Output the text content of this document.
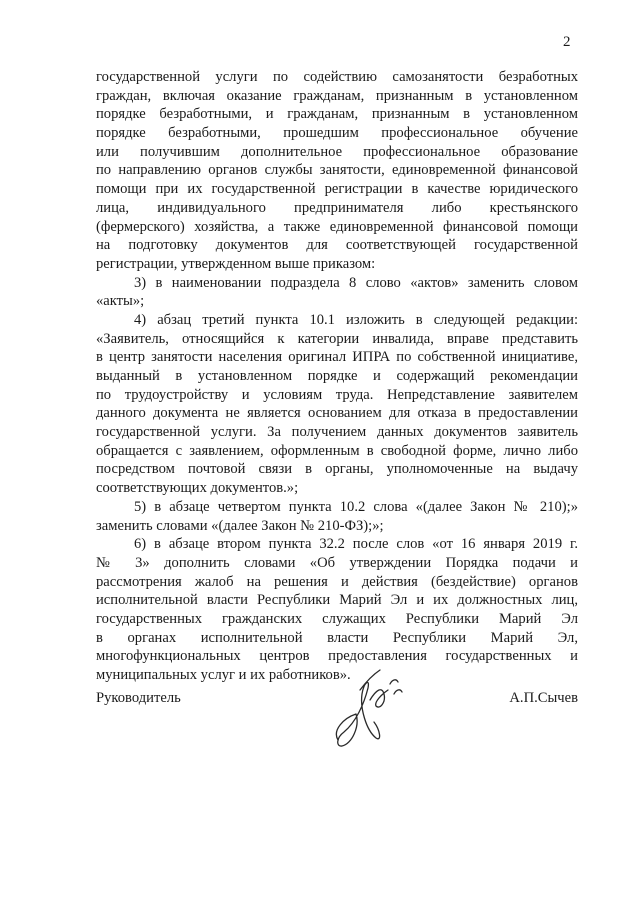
2
государственной услуги по содействию самозанятости безработных
граждан, включая оказание гражданам, признанным в установленном
порядке безработными, и гражданам, признанным в установленном
порядке безработными, прошедшим профессиональное обучение
или получившим дополнительное профессиональное образование
по направлению органов службы занятости, единовременной финансовой
помощи при их государственной регистрации в качестве юридического
лица, индивидуального предпринимателя либо крестьянского
(фермерского) хозяйства, а также единовременной финансовой помощи
на подготовку документов для соответствующей государственной
регистрации, утвержденном выше приказом:
3) в наименовании подраздела 8 слово «актов» заменить словом
«акты»;
4) абзац третий пункта 10.1 изложить в следующей редакции:
«Заявитель, относящийся к категории инвалида, вправе представить
в центр занятости населения оригинал ИПРА по собственной инициативе,
выданный в установленном порядке и содержащий рекомендации
по трудоустройству и условиям труда. Непредставление заявителем
данного документа не является основанием для отказа в предоставлении
государственной услуги. За получением данных документов заявитель
обращается с заявлением, оформленным в свободной форме, лично либо
посредством почтовой связи в органы, уполномоченные на выдачу
соответствующих документов.»;
5) в абзаце четвертом пункта 10.2 слова «(далее Закон № 210);»
заменить словами «(далее Закон № 210-ФЗ);»;
6) в абзаце втором пункта 32.2 после слов «от 16 января 2019 г.
№ 3» дополнить словами «Об утверждении Порядка подачи и
рассмотрения жалоб на решения и действия (бездействие) органов
исполнительной власти Республики Марий Эл и их должностных лиц,
государственных гражданских служащих Республики Марий Эл
в органах исполнительной власти Республики Марий Эл,
многофункциональных центров предоставления государственных и
муниципальных услуг и их работников».
Руководитель	А.П.Сычев
